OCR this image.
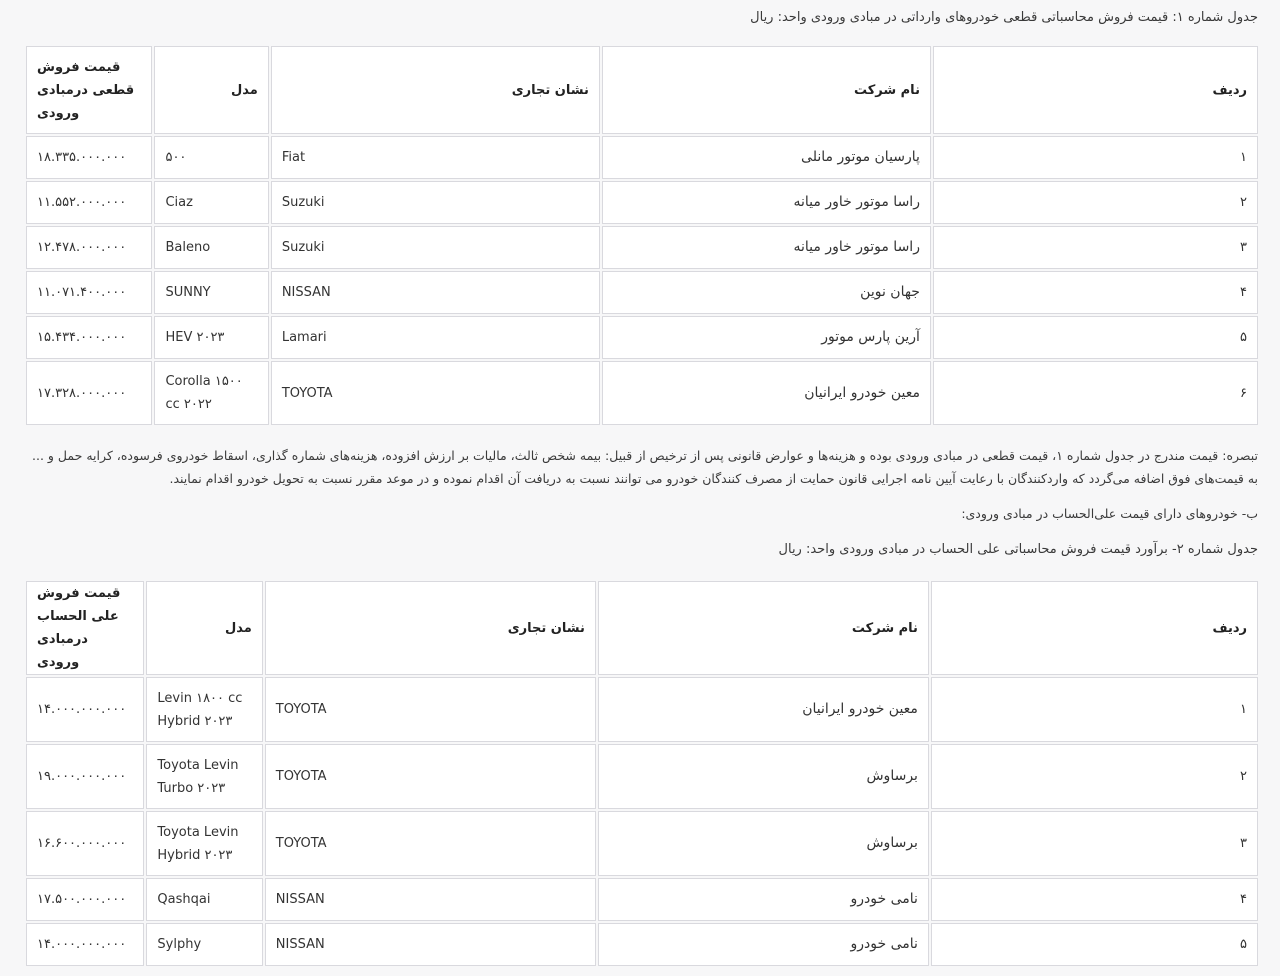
جدول شماره ۱: قیمت فروش محاسباتی قطعی خودروهای وارداتی در مبادی ورودی واحد: ریال
ردیف	نام شرکت	نشان تجاری	مدل	قیمت فروش قطعی درمبادی ورودی
۱	پارسیان موتور مانلی	Fiat	۵۰۰	۱۸.۳۳۵.۰۰۰.۰۰۰
۲	راسا موتور خاور میانه	Suzuki	Ciaz	۱۱.۵۵۲.۰۰۰.۰۰۰
۳	راسا موتور خاور میانه	Suzuki	Baleno	۱۲.۴۷۸.۰۰۰.۰۰۰
۴	جهان نوین	NISSAN	SUNNY	۱۱.۰۷۱.۴۰۰.۰۰۰
۵	آرین پارس موتور	Lamari	HEV ۲۰۲۳	۱۵.۴۳۴.۰۰۰.۰۰۰
۶	معین خودرو ایرانیان	TOYOTA	Corolla ۱۵۰۰ cc ۲۰۲۲	۱۷.۳۲۸.۰۰۰.۰۰۰
تبصره: قیمت مندرج در جدول شماره ۱، قیمت قطعی در مبادی ورودی بوده و هزینه‌ها و عوارض قانونی پس از ترخیص از قبیل: بیمه شخص ثالث، مالیات بر ارزش افزوده، هزینه‌های شماره گذاری، اسقاط خودروی فرسوده، کرایه حمل و ... به قیمت‌های فوق اضافه می‌گردد که واردکنندگان با رعایت آیین نامه اجرایی قانون حمایت از مصرف کنندگان خودرو می توانند نسبت به دریافت آن اقدام نموده و در موعد مقرر نسبت به تحویل خودرو اقدام نمایند.
ب- خودروهای دارای قیمت علی‌الحساب در مبادی ورودی:
جدول شماره ۲- برآورد قیمت فروش محاسباتی علی الحساب در مبادی ورودی واحد: ریال
ردیف	نام شرکت	نشان تجاری	مدل	قیمت فروش علی الحساب درمبادی ورودی
۱	معین خودرو ایرانیان	TOYOTA	Levin ۱۸۰۰ cc Hybrid ۲۰۲۳	۱۴.۰۰۰.۰۰۰.۰۰۰
۲	برساوش	TOYOTA	Toyota Levin Turbo ۲۰۲۳	۱۹.۰۰۰.۰۰۰.۰۰۰
۳	برساوش	TOYOTA	Toyota Levin Hybrid ۲۰۲۳	۱۶.۶۰۰.۰۰۰.۰۰۰
۴	نامی خودرو	NISSAN	Qashqai	۱۷.۵۰۰.۰۰۰.۰۰۰
۵	نامی خودرو	NISSAN	Sylphy	۱۴.۰۰۰.۰۰۰.۰۰۰
